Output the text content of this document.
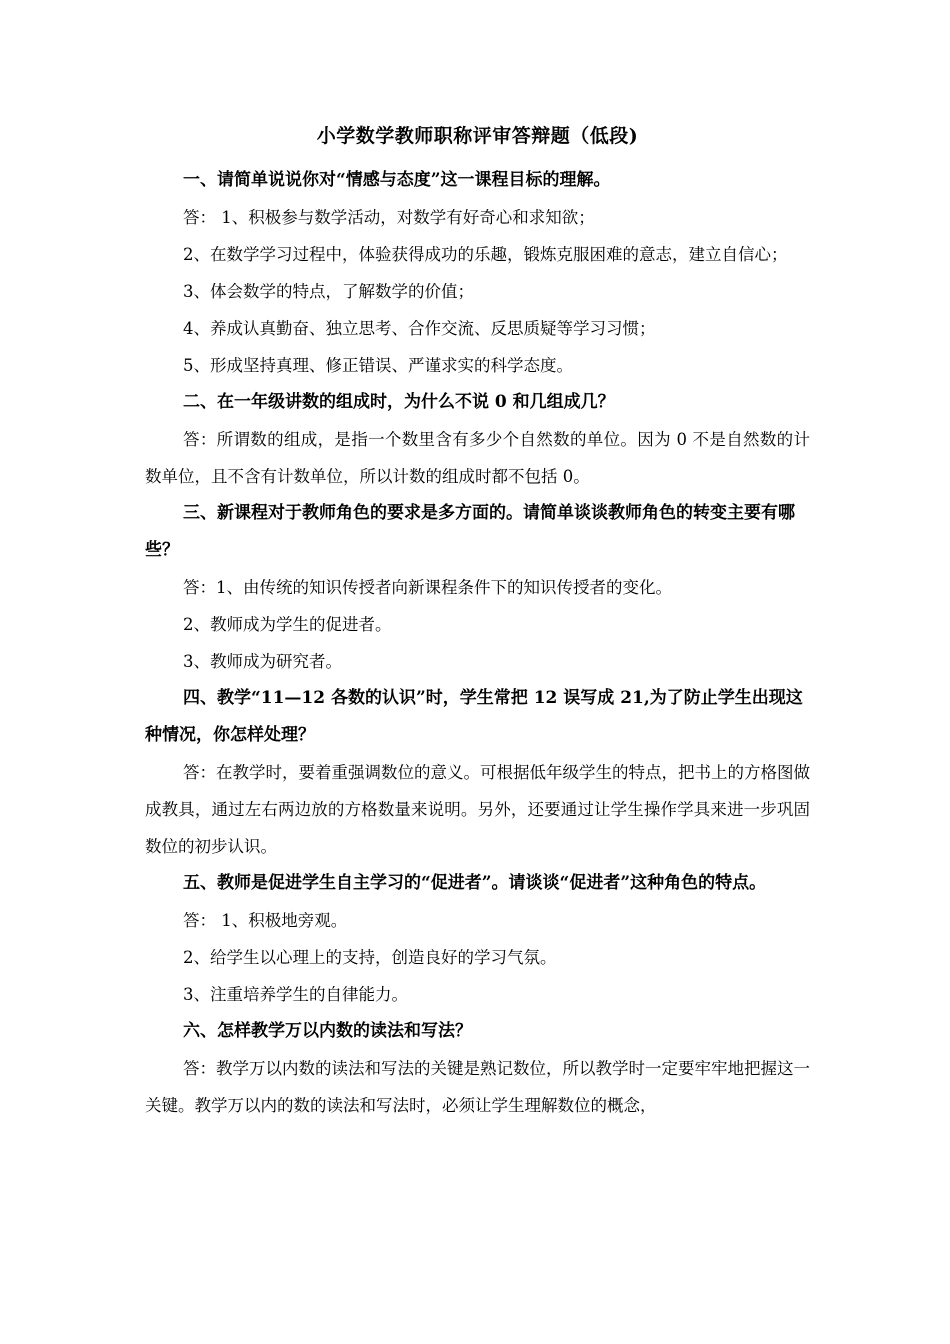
小学数学教师职称评审答辩题（低段)

一、请简单说说你对“情感与态度”这一课程目标的理解。

答： 1、积极参与数学活动，对数学有好奇心和求知欲；

2、在数学学习过程中，体验获得成功的乐趣，锻炼克服困难的意志，建立自信心；

3、体会数学的特点，了解数学的价值；

4、养成认真勤奋、独立思考、合作交流、反思质疑等学习习惯；

5、形成坚持真理、修正错误、严谨求实的科学态度。

二、在一年级讲数的组成时，为什么不说 0 和几组成几？

答：所谓数的组成，是指一个数里含有多少个自然数的单位。因为 0 不是自然数的计数单位，且不含有计数单位，所以计数的组成时都不包括 0。

三、新课程对于教师角色的要求是多方面的。请简单谈谈教师角色的转变主要有哪些？

答：1、由传统的知识传授者向新课程条件下的知识传授者的变化。

2、教师成为学生的促进者。

3、教师成为研究者。

四、教学“11—12 各数的认识”时，学生常把 12 误写成 21,为了防止学生出现这种情况，你怎样处理？

答：在教学时，要着重强调数位的意义。可根据低年级学生的特点，把书上的方格图做成教具，通过左右两边放的方格数量来说明。另外，还要通过让学生操作学具来进一步巩固数位的初步认识。

五、教师是促进学生自主学习的“促进者”。请谈谈“促进者”这种角色的特点。

答： 1、积极地旁观。

2、给学生以心理上的支持，创造良好的学习气氛。

3、注重培养学生的自律能力。

六、怎样教学万以内数的读法和写法？

答：教学万以内数的读法和写法的关键是熟记数位，所以教学时一定要牢牢地把握这一关键。教学万以内的数的读法和写法时，必须让学生理解数位的概念，
